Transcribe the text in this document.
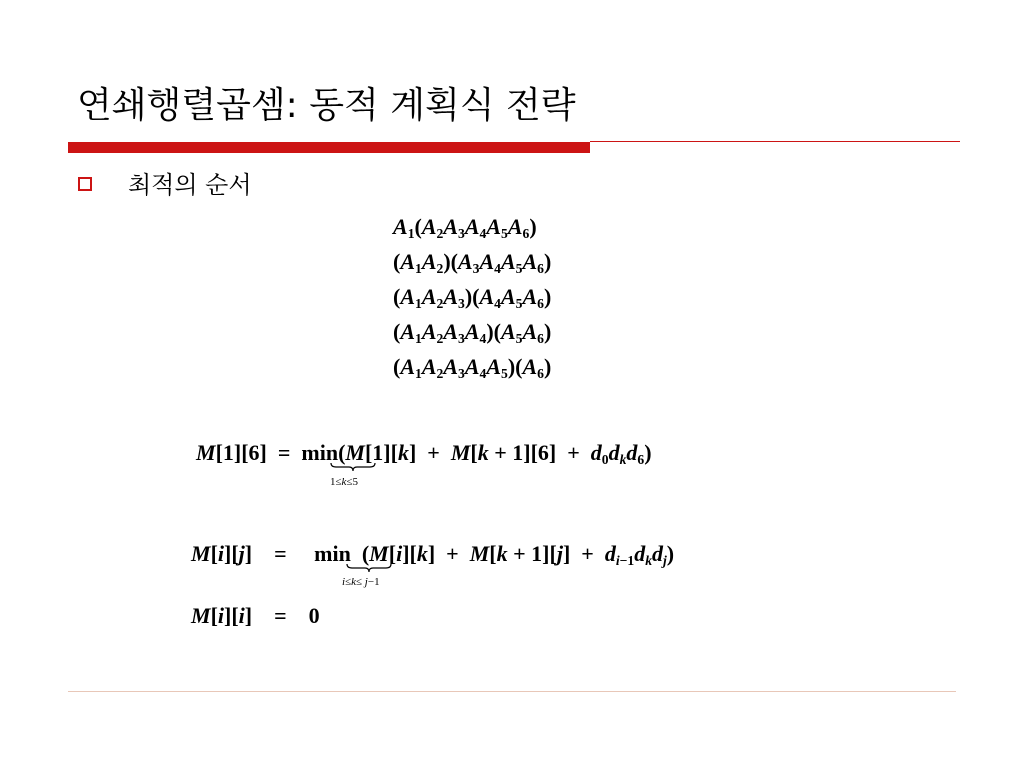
연쇄행렬곱셈: 동적 계획식 전략
최적의 순서
$A_1(A_2A_3A_4A_5A_6)$
$(A_1A_2)(A_3A_4A_5A_6)$
$(A_1A_2A_3)(A_4A_5A_6)$
$(A_1A_2A_3A_4)(A_5A_6)$
$(A_1A_2A_3A_4A_5)(A_6)$
$M[1][6] = \min(M[1][k] + M[k + 1][6] + d_0d_kd_6)$
1≤k≤5
M[i][j]    =     $\min (M[i][k] + M[k + 1][j] + d_{i-1}d_kd_j)$
i≤k≤ j−1
M[i][i]    =    0
